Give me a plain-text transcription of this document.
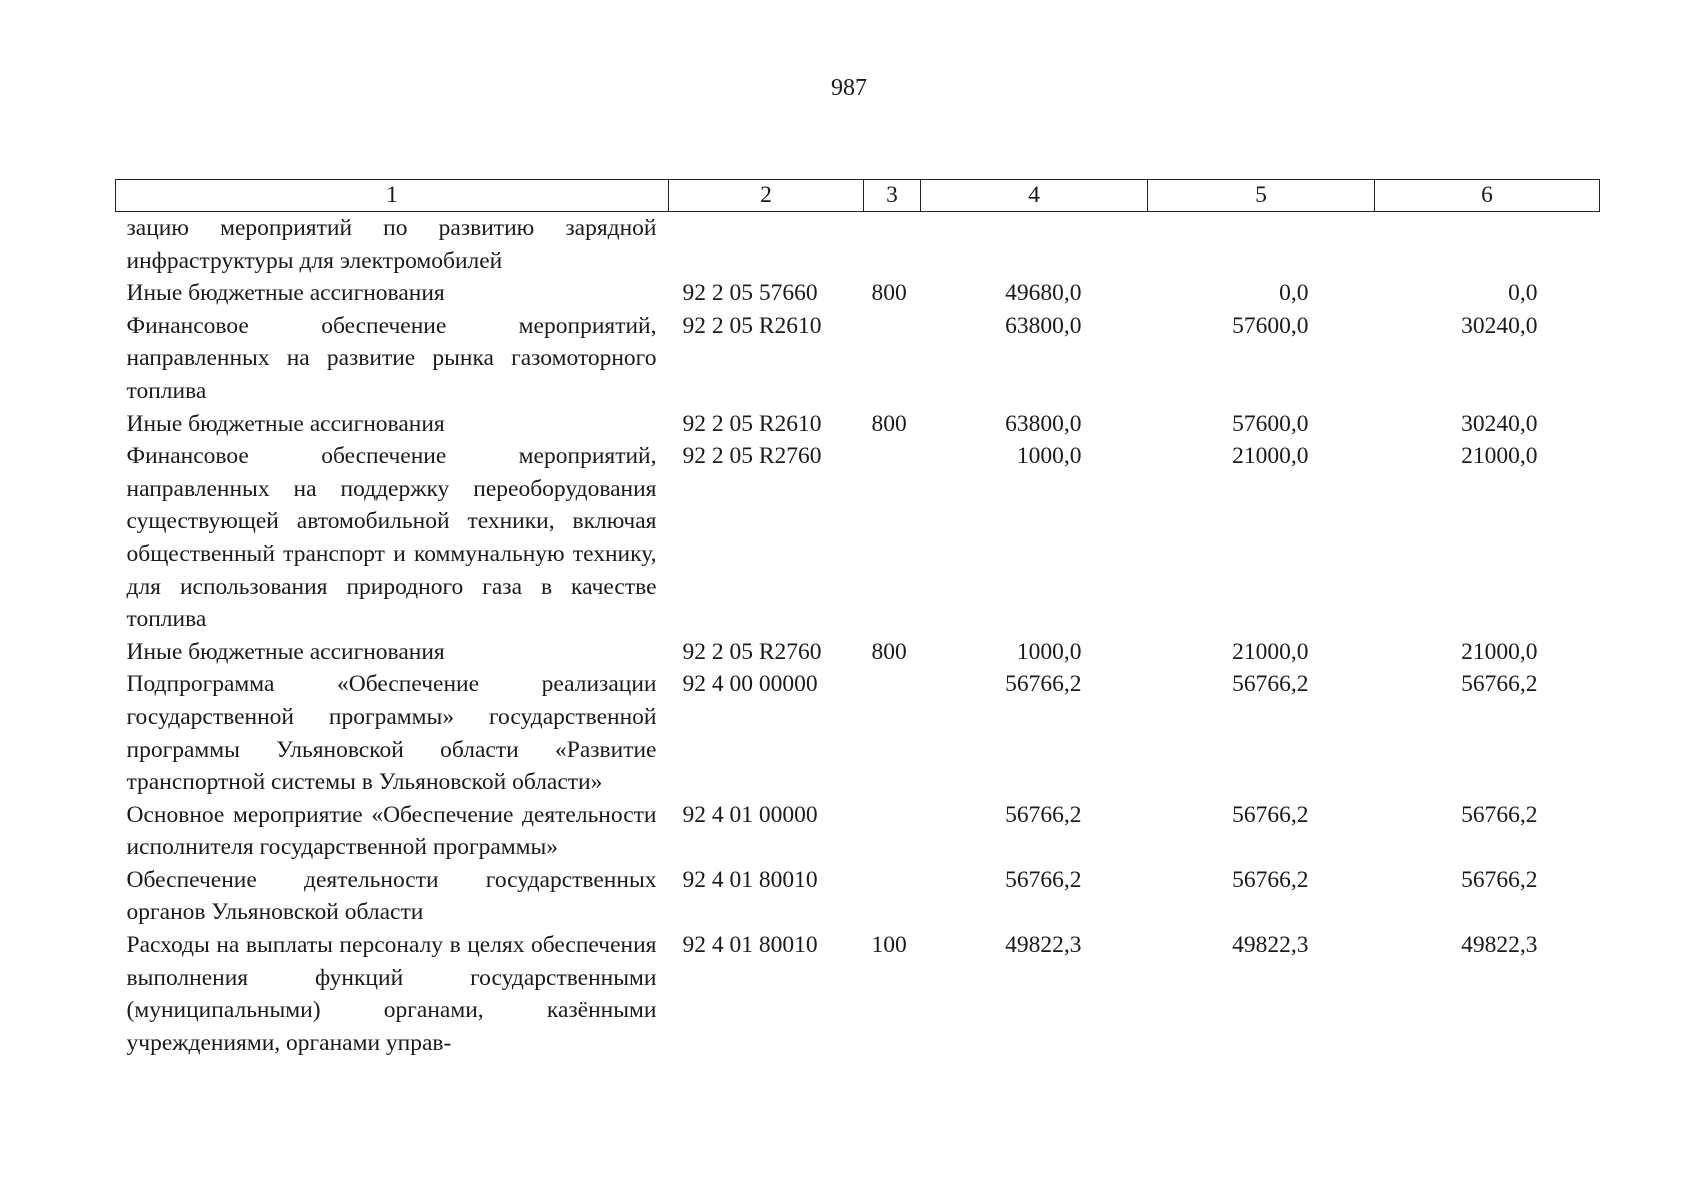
987
1	2	3	4	5	6
зацию мероприятий по развитию зарядной инфраструктуры для электромобилей					
Иные бюджетные ассигнования	92 2 05 57660	800	49680,0	0,0	0,0
Финансовое обеспечение мероприятий, направленных на развитие рынка газомоторного топлива	92 2 05 R2610		63800,0	57600,0	30240,0
Иные бюджетные ассигнования	92 2 05 R2610	800	63800,0	57600,0	30240,0
Финансовое обеспечение мероприятий, направленных на поддержку переоборудования существующей автомобильной техники, включая общественный транспорт и коммунальную технику, для использования природного газа в качестве топлива	92 2 05 R2760		1000,0	21000,0	21000,0
Иные бюджетные ассигнования	92 2 05 R2760	800	1000,0	21000,0	21000,0
Подпрограмма «Обеспечение реализации государственной программы» государственной программы Ульяновской области «Развитие транспортной системы в Ульяновской области»	92 4 00 00000		56766,2	56766,2	56766,2
Основное мероприятие «Обеспечение деятельности исполнителя государственной программы»	92 4 01 00000		56766,2	56766,2	56766,2
Обеспечение деятельности государственных органов Ульяновской области	92 4 01 80010		56766,2	56766,2	56766,2
Расходы на выплаты персоналу в целях обеспечения выполнения функций государственными (муниципальными) органами, казёнными учреждениями, органами управ-	92 4 01 80010	100	49822,3	49822,3	49822,3
